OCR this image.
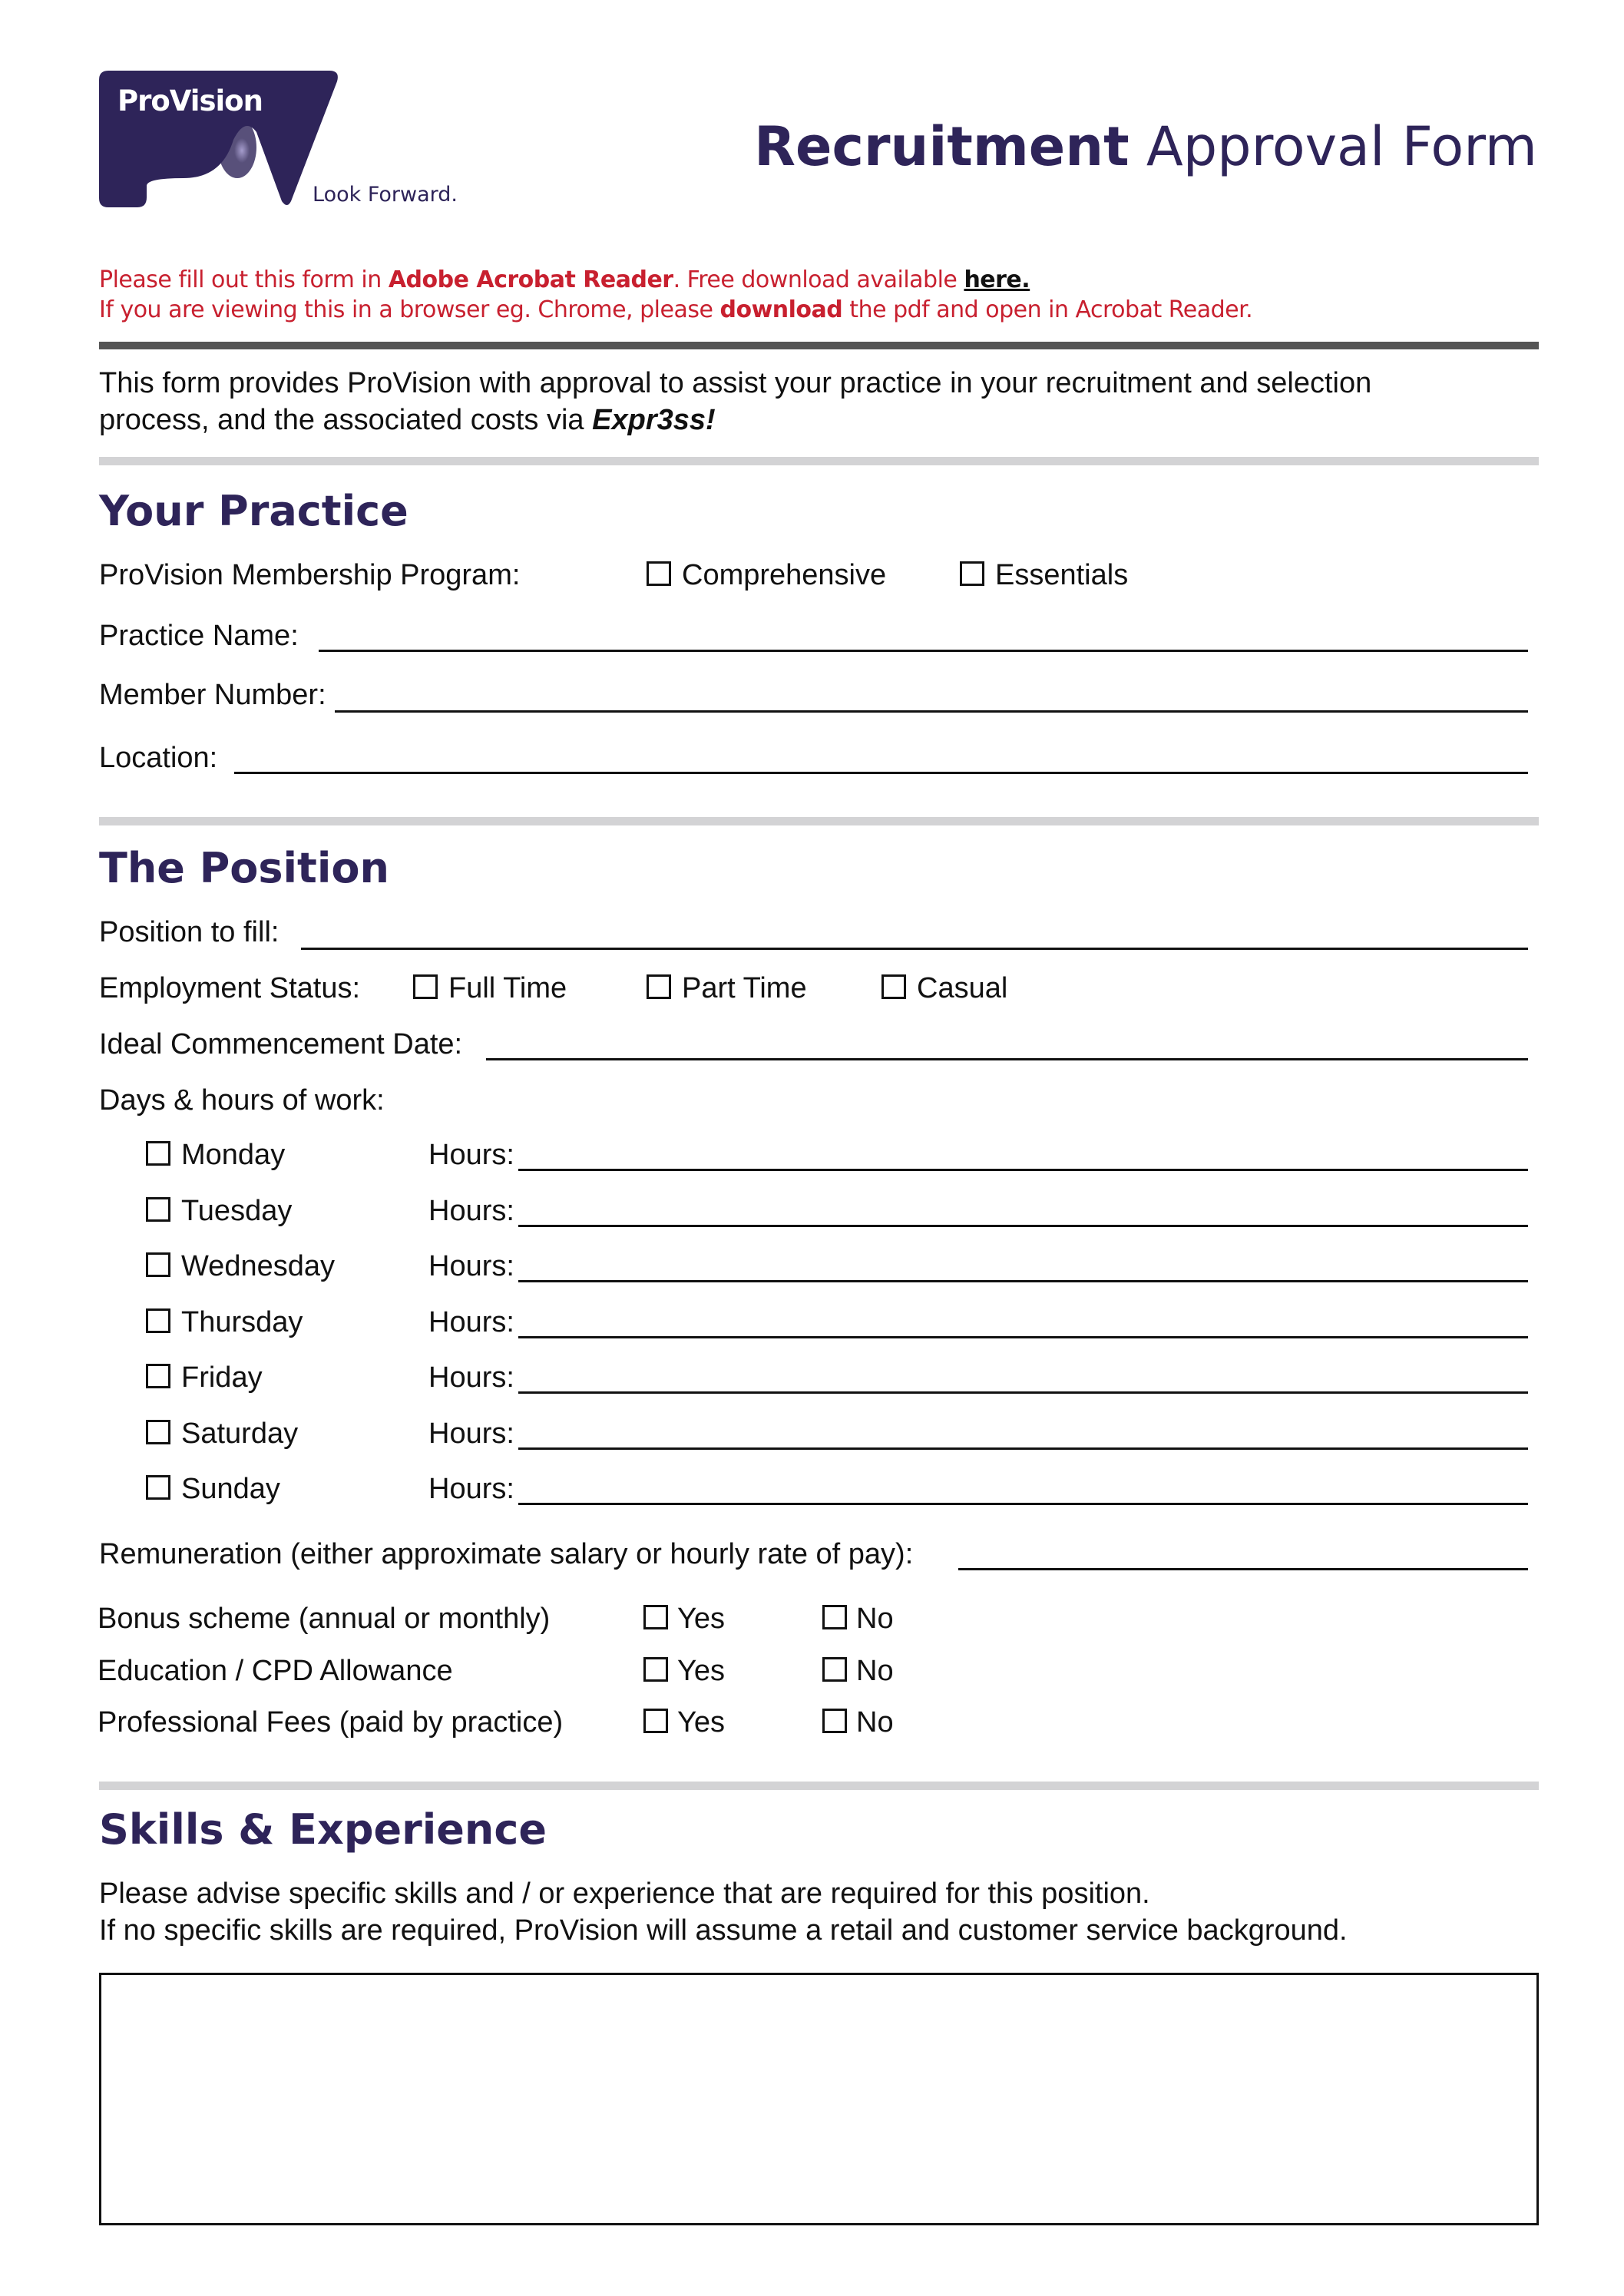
ProVision
Look Forward.
Recruitment Approval Form
Please fill out this form in Adobe Acrobat Reader. Free download available here.
If you are viewing this in a browser eg. Chrome, please download the pdf and open in Acrobat Reader.
This form provides ProVision with approval to assist your practice in your recruitment and selection
process, and the associated costs via Expr3ss!
Your Practice
ProVision Membership Program:	Comprehensive	Essentials
Practice Name:
Member Number:
Location:
The Position
Position to fill:
Employment Status:	Full Time	Part Time	Casual
Ideal Commencement Date:
Days & hours of work:
Monday	Hours:
Tuesday	Hours:
Wednesday	Hours:
Thursday	Hours:
Friday	Hours:
Saturday	Hours:
Sunday	Hours:
Remuneration (either approximate salary or hourly rate of pay):
Bonus scheme (annual or monthly)	Yes	No
Education / CPD Allowance	Yes	No
Professional Fees (paid by practice)	Yes	No
Skills & Experience
Please advise specific skills and / or experience that are required for this position.
If no specific skills are required, ProVision will assume a retail and customer service background.
